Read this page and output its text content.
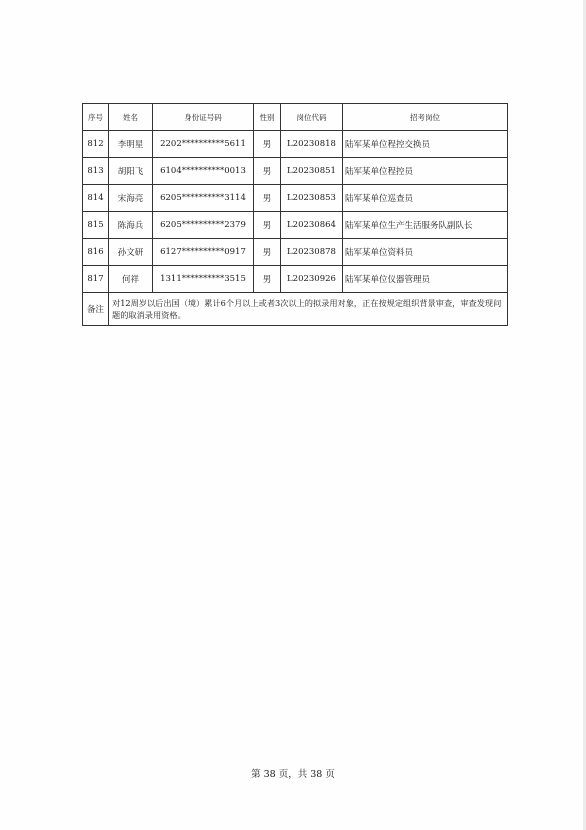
序号	姓名	身份证号码	性别	岗位代码	招考岗位
812	李明星	2202**********5611	男	L20230818	陆军某单位程控交换员
813	胡阳飞	6104**********0013	男	L20230851	陆军某单位程控员
814	宋海亮	6205**********3114	男	L20230853	陆军某单位巡查员
815	陈海兵	6205**********2379	男	L20230864	陆军某单位生产生活服务队副队长
816	孙文研	6127**********0917	男	L20230878	陆军某单位资料员
817	何祥	1311**********3515	男	L20230926	陆军某单位仪器管理员
备注	对12周岁以后出国（境）累计6个月以上或者3次以上的拟录用对象，正在按规定组织背景审查，审查发现问题的取消录用资格。				
第 38 页，共 38 页
